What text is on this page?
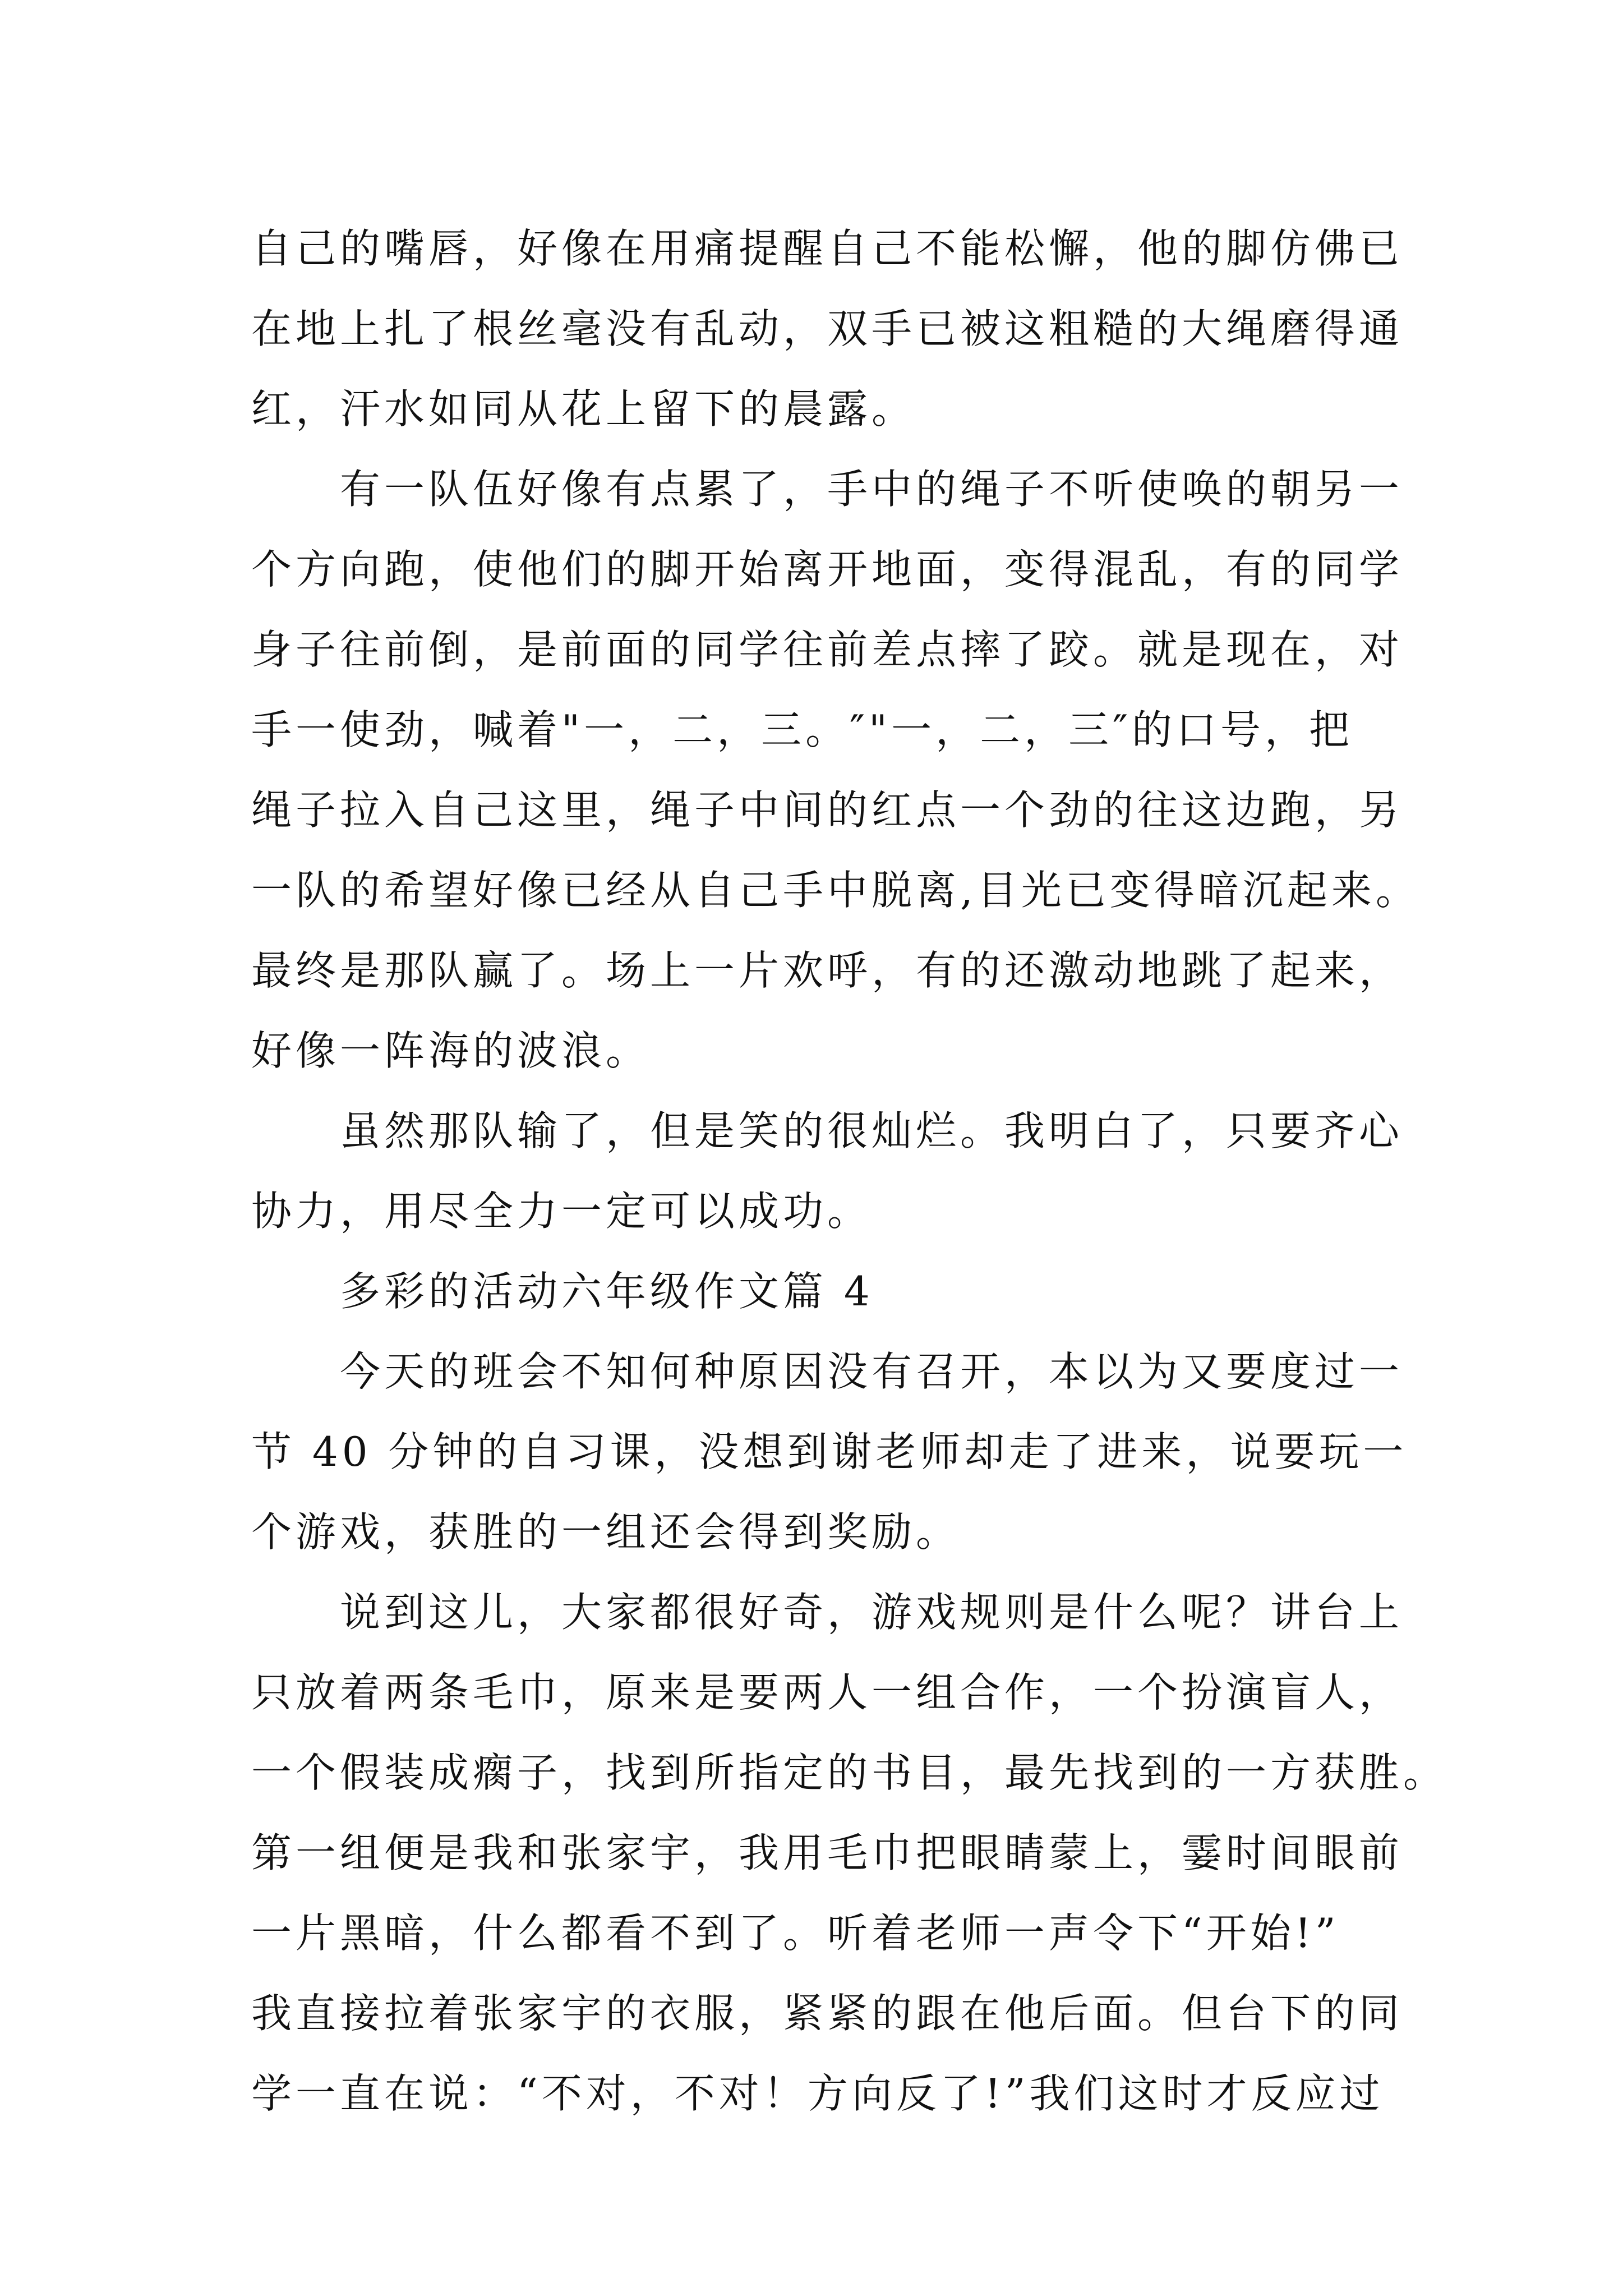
自己的嘴唇，好像在用痛提醒自己不能松懈，他的脚仿佛已
在地上扎了根丝毫没有乱动，双手已被这粗糙的大绳磨得通
红，汗水如同从花上留下的晨露。
有一队伍好像有点累了，手中的绳子不听使唤的朝另一
个方向跑，使他们的脚开始离开地面，变得混乱，有的同学
身子往前倒，是前面的同学往前差点摔了跤。就是现在，对
手一使劲，喊着"一，二，三。″"一，二，三″的口号，把
绳子拉入自己这里，绳子中间的红点一个劲的往这边跑，另
一队的希望好像已经从自己手中脱离,目光已变得暗沉起来。
最终是那队赢了。场上一片欢呼，有的还激动地跳了起来，
好像一阵海的波浪。
虽然那队输了，但是笑的很灿烂。我明白了，只要齐心
协力，用尽全力一定可以成功。
多彩的活动六年级作文篇 4
今天的班会不知何种原因没有召开，本以为又要度过一
节 40 分钟的自习课，没想到谢老师却走了进来，说要玩一
个游戏，获胜的一组还会得到奖励。
说到这儿，大家都很好奇，游戏规则是什么呢？讲台上
只放着两条毛巾，原来是要两人一组合作，一个扮演盲人，
一个假装成瘸子，找到所指定的书目，最先找到的一方获胜。
第一组便是我和张家宇，我用毛巾把眼睛蒙上，霎时间眼前
一片黑暗，什么都看不到了。听着老师一声令下“开始!”
我直接拉着张家宇的衣服，紧紧的跟在他后面。但台下的同
学一直在说：“不对，不对！方向反了!”我们这时才反应过
